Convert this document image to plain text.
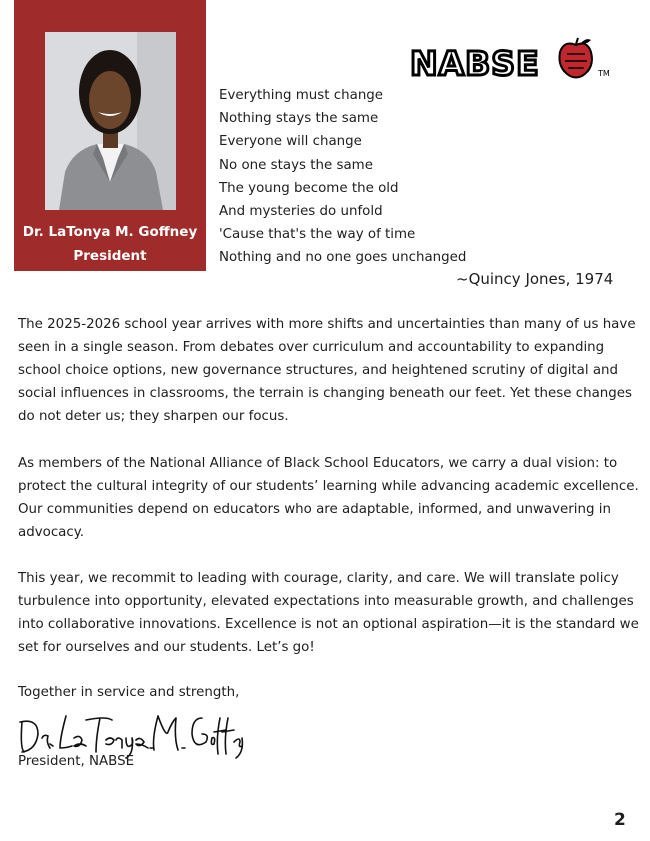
Dr. LaTonya M. Goffney
President
NABSE	TM
Everything must change
Nothing stays the same
Everyone will change
No one stays the same
The young become the old
And mysteries do unfold
'Cause that's the way of time
Nothing and no one goes unchanged
~Quincy Jones, 1974

The 2025-2026 school year arrives with more shifts and uncertainties than many of us have seen in a single season. From debates over curriculum and accountability to expanding school choice options, new governance structures, and heightened scrutiny of digital and social influences in classrooms, the terrain is changing beneath our feet. Yet these changes do not deter us; they sharpen our focus.

As members of the National Alliance of Black School Educators, we carry a dual vision: to protect the cultural integrity of our students’ learning while advancing academic excellence. Our communities depend on educators who are adaptable, informed, and unwavering in advocacy.

This year, we recommit to leading with courage, clarity, and care. We will translate policy turbulence into opportunity, elevated expectations into measurable growth, and challenges into collaborative innovations. Excellence is not an optional aspiration—it is the standard we set for ourselves and our students. Let’s go!

Together in service and strength,
President, NABSE
2
